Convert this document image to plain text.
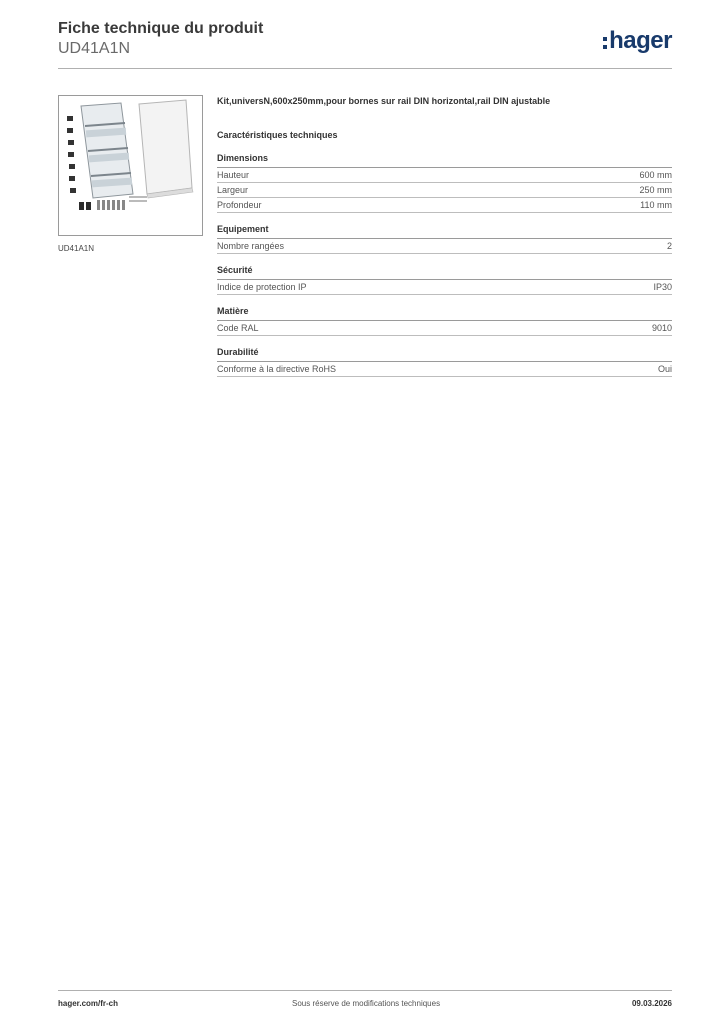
Fiche technique du produit
UD41A1N	hager
UD41A1N
Kit,universN,600x250mm,pour bornes sur rail DIN horizontal,rail DIN ajustable
Caractéristiques techniques
Dimensions
Hauteur	600 mm
Largeur	250 mm
Profondeur	110 mm
Equipement
Nombre rangées	2
Sécurité
Indice de protection IP	IP30
Matière
Code RAL	9010
Durabilité
Conforme à la directive RoHS	Oui
hager.com/fr-ch	Sous réserve de modifications techniques	09.03.2026
